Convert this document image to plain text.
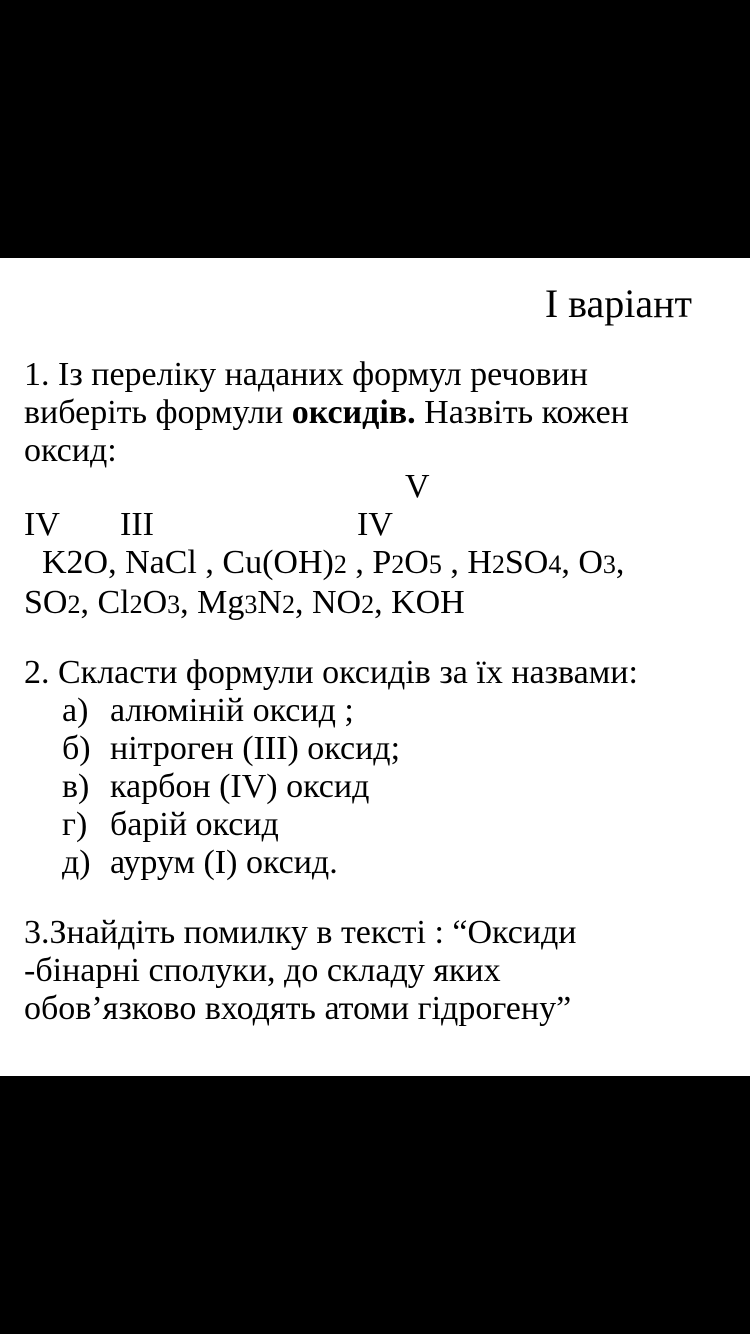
I варіант
1. Із переліку наданих формул речовин
виберіть формули оксидів. Назвіть кожен
оксид:
V
IV III	IV
K2O, NaCl , Cu(OH)2 , P2O5 , H2SO4, O3,
SO2, Cl2O3, Mg3N2, NO2, KOH
2. Скласти формули оксидів за їх назвами:
а) алюміній оксид ;
б) нітроген (ІІІ) оксид;
в) карбон (IV) оксид
г) барій оксид
д) аурум (І) оксид.
3.Знайдіть помилку в тексті : “Оксиди
-бінарні сполуки, до складу яких
обов’язково входять атоми гідрогену”
